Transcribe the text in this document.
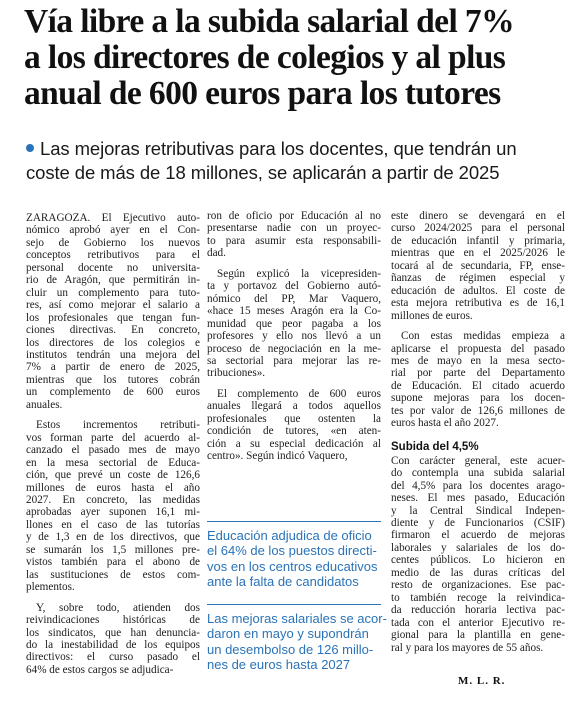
Vía libre a la subida salarial del 7%
a los directores de colegios y al plus
anual de 600 euros para los tutores
Las mejoras retributivas para los docentes, que tendrán un
coste de más de 18 millones, se aplicarán a partir de 2025

ZARAGOZA. El Ejecutivo auto-
nómico aprobó ayer en el Con-
sejo de Gobierno los nuevos
conceptos retributivos para el
personal docente no universita-
rio de Aragón, que permitirán in-
cluir un complemento para tuto-
res, así como mejorar el salario a
los profesionales que tengan fun-
ciones directivas. En concreto,
los directores de los colegios e
institutos tendrán una mejora del
7% a partir de enero de 2025,
mientras que los tutores cobrán
un complemento de 600 euros
anuales.

Estos incrementos retributi-
vos forman parte del acuerdo al-
canzado el pasado mes de mayo
en la mesa sectorial de Educa-
ción, que prevé un coste de 126,6
millones de euros hasta el año
2027. En concreto, las medidas
aprobadas ayer suponen 16,1 mi-
llones en el caso de las tutorías
y de 1,3 en de los directivos, que
se sumarán los 1,5 millones pre-
vistos también para el abono de
las sustituciones de estos com-
plementos.

Y, sobre todo, atienden dos
reivindicaciones históricas de
los sindicatos, que han denuncia-
do la inestabilidad de los equipos
directivos: el curso pasado el
64% de estos cargos se adjudica-

ron de oficio por Educación al no
presentarse nadie con un proyec-
to para asumir esta responsabili-
dad.

Según explicó la vicepresiden-
ta y portavoz del Gobierno autó-
nómico del PP, Mar Vaquero,
«hace 15 meses Aragón era la Co-
munidad que peor pagaba a los
profesores y ello nos llevó a un
proceso de negociación en la me-
sa sectorial para mejorar las re-
tribuciones».

El complemento de 600 euros
anuales llegará a todos aquellos
profesionales que ostenten la
condición de tutores, «en aten-
ción a su especial dedicación al
centro». Según indicó Vaquero,

este dinero se devengará en el
curso 2024/2025 para el personal
de educación infantil y primaria,
mientras que en el 2025/2026 le
tocará al de secundaria, FP, ense-
ñanzas de régimen especial y
educación de adultos. El coste de
esta mejora retributiva es de 16,1
millones de euros.

Con estas medidas empieza a
aplicarse el propuesta del pasado
mes de mayo en la mesa secto-
rial por parte del Departamento
de Educación. El citado acuerdo
supone mejoras para los docen-
tes por valor de 126,6 millones de
euros hasta el año 2027.

Subida del 4,5%

Con carácter general, este acuer-
do contempla una subida salarial
del 4,5% para los docentes arago-
neses. El mes pasado, Educación
y la Central Sindical Indepen-
diente y de Funcionarios (CSIF)
firmaron el acuerdo de mejoras
laborales y salariales de los do-
centes públicos. Lo hicieron en
medio de las duras críticas del
resto de organizaciones. Ese pac-
to también recoge la reivindica-
da reducción horaria lectiva pac-
tada con el anterior Ejecutivo re-
gional para la plantilla en gene-
ral y para los mayores de 55 años.

Educación adjudica de oficio
el 64% de los puestos directi-
vos en los centros educativos
ante la falta de candidatos
Las mejoras salariales se acor-
daron en mayo y supondrán
un desembolso de 126 millo-
nes de euros hasta 2027
M. L. R.
